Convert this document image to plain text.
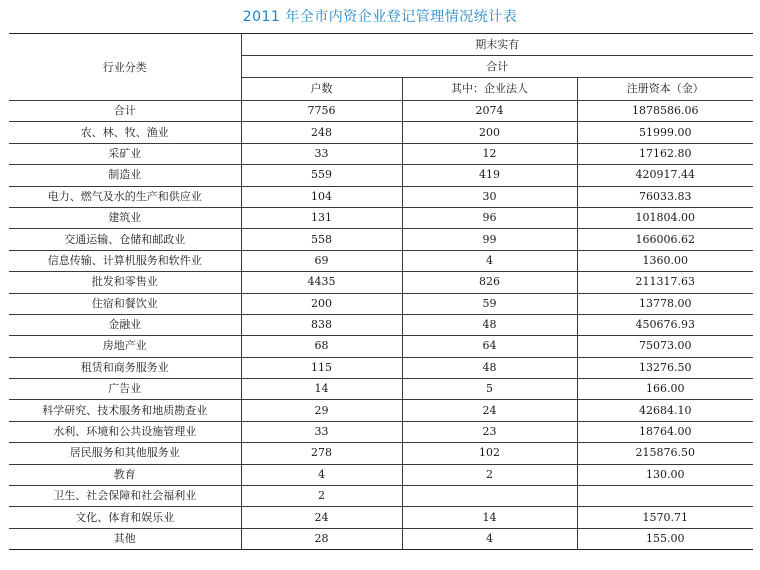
2011 年全市内资企业登记管理情况统计表
行业分类	期末实有		
	合计		
	户数	其中：企业法人	注册资本（金）
合计	7756	2074	1878586.06
农、林、牧、渔业	248	200	51999.00
采矿业	33	12	17162.80
制造业	559	419	420917.44
电力、燃气及水的生产和供应业	104	30	76033.83
建筑业	131	96	101804.00
交通运输、仓储和邮政业	558	99	166006.62
信息传输、计算机服务和软件业	69	4	1360.00
批发和零售业	4435	826	211317.63
住宿和餐饮业	200	59	13778.00
金融业	838	48	450676.93
房地产业	68	64	75073.00
租赁和商务服务业	115	48	13276.50
广告业	14	5	166.00
科学研究、技术服务和地质勘查业	29	24	42684.10
水利、环境和公共设施管理业	33	23	18764.00
居民服务和其他服务业	278	102	215876.50
教育	4	2	130.00
卫生、社会保障和社会福利业	2		
文化、体育和娱乐业	24	14	1570.71
其他	28	4	155.00
